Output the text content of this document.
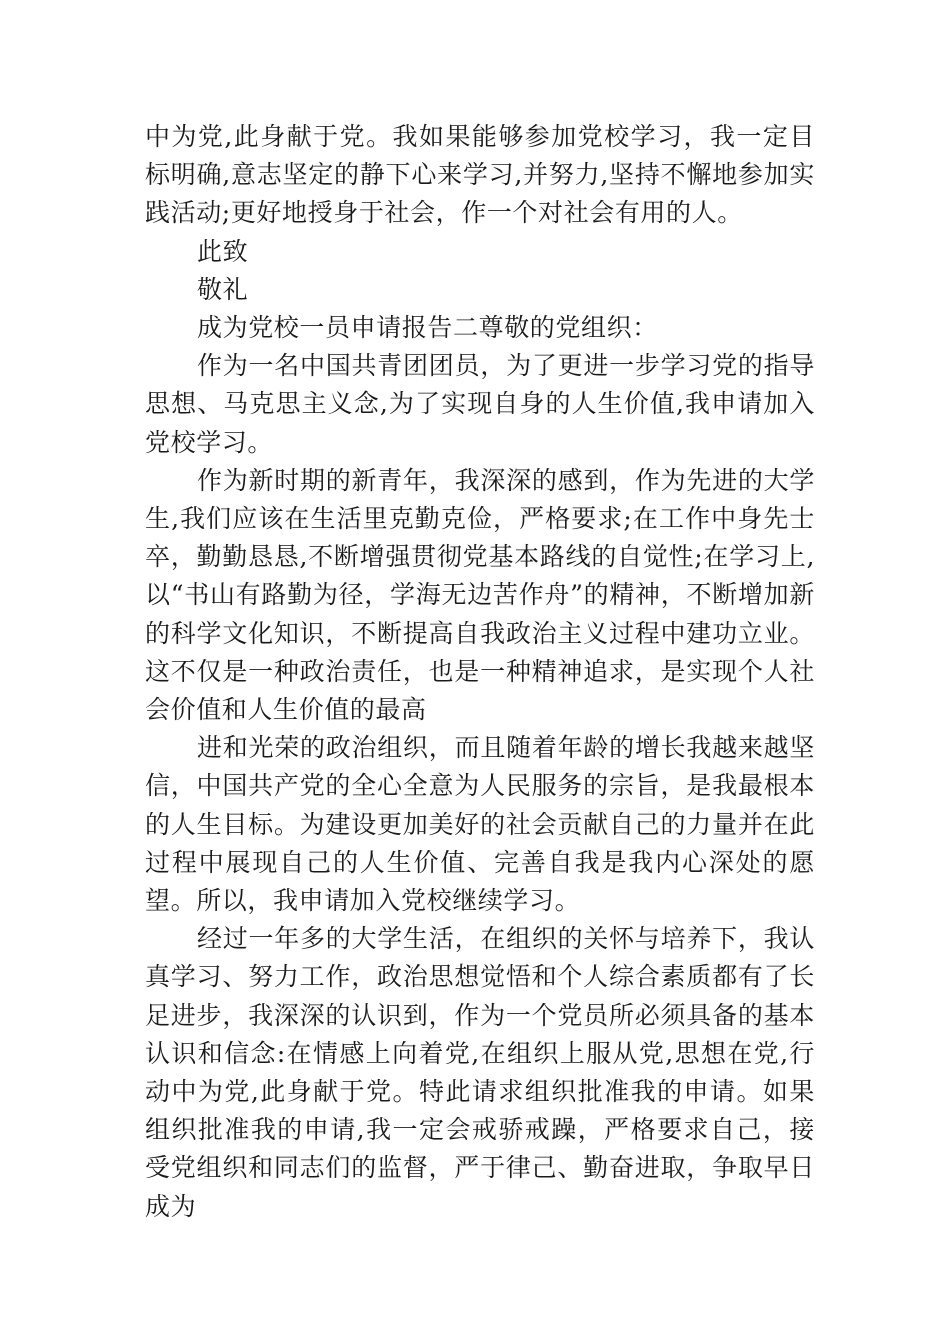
中为党,此身献于党。我如果能够参加党校学习，我一定目标明确,意志坚定的静下心来学习,并努力,坚持不懈地参加实践活动;更好地授身于社会，作一个对社会有用的人。

此致

敬礼

成为党校一员申请报告二尊敬的党组织：

作为一名中国共青团团员，为了更进一步学习党的指导思想、马克思主义念,为了实现自身的人生价值,我申请加入党校学习。

作为新时期的新青年，我深深的感到，作为先进的大学生,我们应该在生活里克勤克俭，严格要求;在工作中身先士卒，勤勤恳恳,不断增强贯彻党基本路线的自觉性;在学习上,以“书山有路勤为径，学海无边苦作舟”的精神，不断增加新的科学文化知识，不断提高自我政治主义过程中建功立业。这不仅是一种政治责任，也是一种精神追求，是实现个人社会价值和人生价值的最高

进和光荣的政治组织，而且随着年龄的增长我越来越坚信，中国共产党的全心全意为人民服务的宗旨，是我最根本的人生目标。为建设更加美好的社会贡献自己的力量并在此过程中展现自己的人生价值、完善自我是我内心深处的愿望。所以，我申请加入党校继续学习。

经过一年多的大学生活，在组织的关怀与培养下，我认真学习、努力工作，政治思想觉悟和个人综合素质都有了长足进步，我深深的认识到，作为一个党员所必须具备的基本认识和信念:在情感上向着党,在组织上服从党,思想在党,行动中为党,此身献于党。特此请求组织批准我的申请。如果组织批准我的申请,我一定会戒骄戒躁，严格要求自己，接受党组织和同志们的监督，严于律己、勤奋进取，争取早日成为
